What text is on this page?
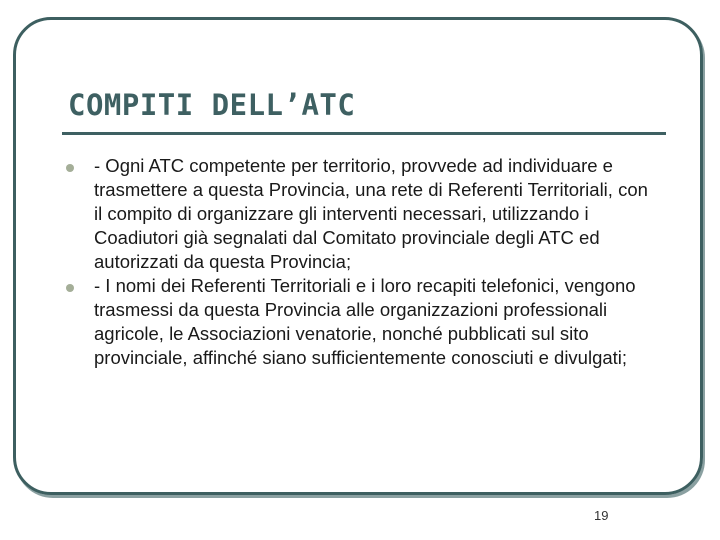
COMPITI DELL’ATC
- Ogni ATC competente per territorio, provvede ad individuare e trasmettere a questa Provincia, una rete di Referenti Territoriali, con il compito di organizzare gli interventi necessari, utilizzando i Coadiutori già segnalati dal Comitato provinciale degli ATC ed autorizzati da questa Provincia;
- I nomi dei Referenti Territoriali e i loro recapiti telefonici, vengono trasmessi da questa Provincia alle organizzazioni professionali agricole, le Associazioni venatorie, nonché pubblicati sul sito provinciale, affinché siano sufficientemente conosciuti e divulgati;
19
